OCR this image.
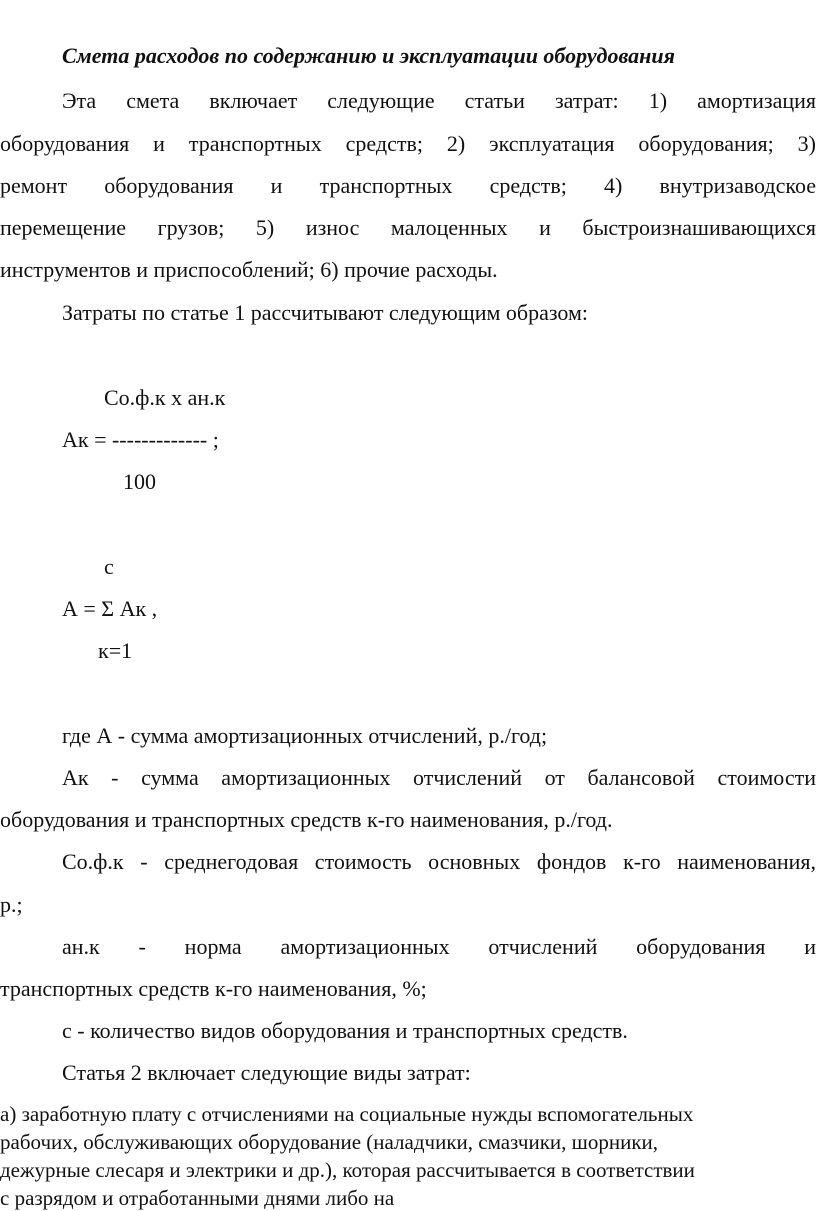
Смета расходов по содержанию и эксплуатации оборудования

Эта смета включает следующие статьи затрат: 1) амортизация

оборудования и транспортных средств; 2) эксплуатация оборудования; 3)

ремонт оборудования и транспортных средств; 4) внутризаводское

перемещение грузов; 5) износ малоценных и быстроизнашивающихся

инструментов и приспособлений; 6) прочие расходы.

Затраты по статье 1 рассчитывают следующим образом:

Со.ф.к х ан.к

Ак = ------------- ;

100

с

А = Σ Ак ,

к=1

где А - сумма амортизационных отчислений, р./год;

Ак - сумма амортизационных отчислений от балансовой стоимости

оборудования и транспортных средств к-го наименования, р./год.

Со.ф.к - среднегодовая стоимость основных фондов к-го наименования,

р.;

ан.к - норма амортизационных отчислений оборудования и

транспортных средств к-го наименования, %;

с - количество видов оборудования и транспортных средств.

Статья 2 включает следующие виды затрат:

а) заработную плату с отчислениями на социальные нужды вспомогательных

рабочих, обслуживающих оборудование (наладчики, смазчики, шорники,

дежурные слесаря и электрики и др.), которая рассчитывается в соответствии

с разрядом и отработанными днями либо на
